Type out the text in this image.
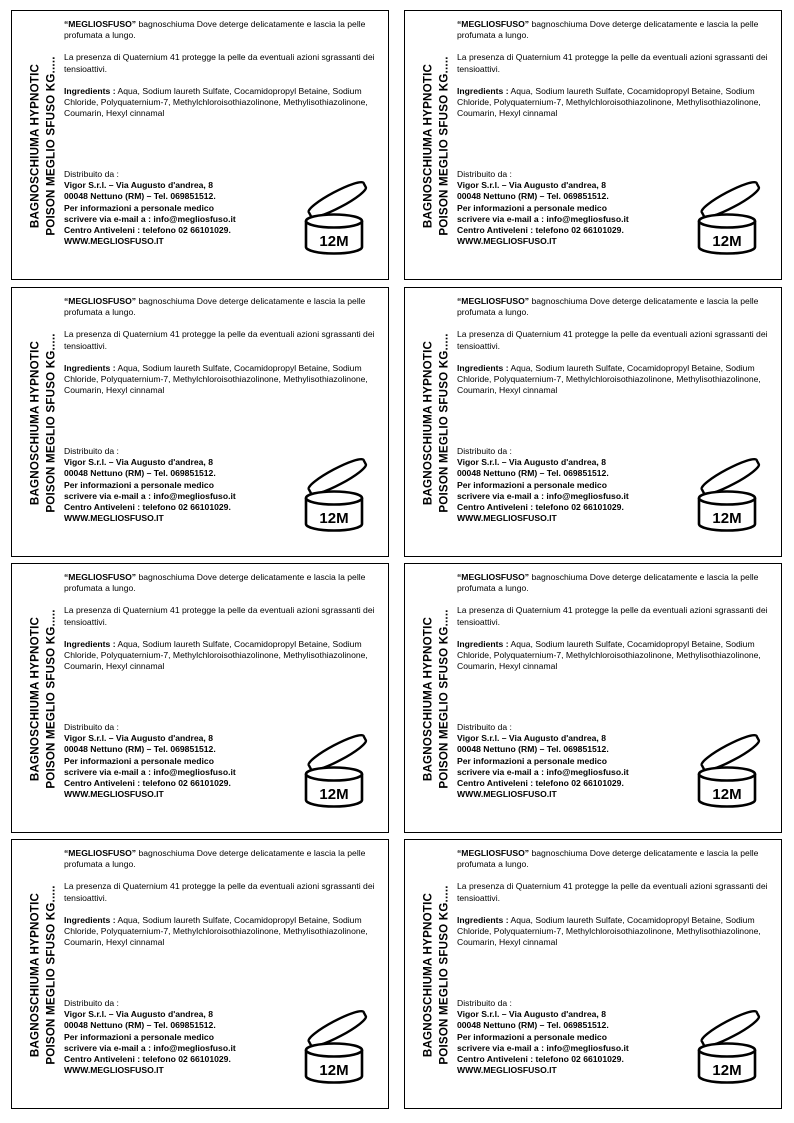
BAGNOSCHIUMA HYPNOTIC POISON MEGLIO SFUSO KG.....

“MEGLIOSFUSO” bagnoschiuma Dove deterge delicatamente e lascia la pelle profumata a lungo.

La presenza di Quaternium 41 protegge la pelle da eventuali azioni sgrassanti dei tensioattivi.

Ingredients : Aqua, Sodium laureth Sulfate, Cocamidopropyl Betaine, Sodium Chloride, Polyquaternium-7, Methylchloroisothiazolinone, Methylisothiazolinone, Coumarin, Hexyl cinnamal

Distribuito da :
Vigor S.r.l. – Via Augusto d'andrea, 8
00048 Nettuno (RM) – Tel. 069851512.
Per informazioni a personale medico
scrivere via e-mail a : info@megliosfuso.it
Centro Antiveleni : telefono 02 66101029.
WWW.MEGLIOSFUSO.IT	12M
BAGNOSCHIUMA HYPNOTIC POISON MEGLIO SFUSO KG.....

“MEGLIOSFUSO” bagnoschiuma Dove deterge delicatamente e lascia la pelle profumata a lungo.

La presenza di Quaternium 41 protegge la pelle da eventuali azioni sgrassanti dei tensioattivi.

Ingredients : Aqua, Sodium laureth Sulfate, Cocamidopropyl Betaine, Sodium Chloride, Polyquaternium-7, Methylchloroisothiazolinone, Methylisothiazolinone, Coumarin, Hexyl cinnamal

Distribuito da :
Vigor S.r.l. – Via Augusto d'andrea, 8
00048 Nettuno (RM) – Tel. 069851512.
Per informazioni a personale medico
scrivere via e-mail a : info@megliosfuso.it
Centro Antiveleni : telefono 02 66101029.
WWW.MEGLIOSFUSO.IT	12M
BAGNOSCHIUMA HYPNOTIC POISON MEGLIO SFUSO KG.....

“MEGLIOSFUSO” bagnoschiuma Dove deterge delicatamente e lascia la pelle profumata a lungo.

La presenza di Quaternium 41 protegge la pelle da eventuali azioni sgrassanti dei tensioattivi.

Ingredients : Aqua, Sodium laureth Sulfate, Cocamidopropyl Betaine, Sodium Chloride, Polyquaternium-7, Methylchloroisothiazolinone, Methylisothiazolinone, Coumarin, Hexyl cinnamal

Distribuito da :
Vigor S.r.l. – Via Augusto d'andrea, 8
00048 Nettuno (RM) – Tel. 069851512.
Per informazioni a personale medico
scrivere via e-mail a : info@megliosfuso.it
Centro Antiveleni : telefono 02 66101029.
WWW.MEGLIOSFUSO.IT	12M
BAGNOSCHIUMA HYPNOTIC POISON MEGLIO SFUSO KG.....

“MEGLIOSFUSO” bagnoschiuma Dove deterge delicatamente e lascia la pelle profumata a lungo.

La presenza di Quaternium 41 protegge la pelle da eventuali azioni sgrassanti dei tensioattivi.

Ingredients : Aqua, Sodium laureth Sulfate, Cocamidopropyl Betaine, Sodium Chloride, Polyquaternium-7, Methylchloroisothiazolinone, Methylisothiazolinone, Coumarin, Hexyl cinnamal

Distribuito da :
Vigor S.r.l. – Via Augusto d'andrea, 8
00048 Nettuno (RM) – Tel. 069851512.
Per informazioni a personale medico
scrivere via e-mail a : info@megliosfuso.it
Centro Antiveleni : telefono 02 66101029.
WWW.MEGLIOSFUSO.IT	12M
BAGNOSCHIUMA HYPNOTIC POISON MEGLIO SFUSO KG.....

“MEGLIOSFUSO” bagnoschiuma Dove deterge delicatamente e lascia la pelle profumata a lungo.

La presenza di Quaternium 41 protegge la pelle da eventuali azioni sgrassanti dei tensioattivi.

Ingredients : Aqua, Sodium laureth Sulfate, Cocamidopropyl Betaine, Sodium Chloride, Polyquaternium-7, Methylchloroisothiazolinone, Methylisothiazolinone, Coumarin, Hexyl cinnamal

Distribuito da :
Vigor S.r.l. – Via Augusto d'andrea, 8
00048 Nettuno (RM) – Tel. 069851512.
Per informazioni a personale medico
scrivere via e-mail a : info@megliosfuso.it
Centro Antiveleni : telefono 02 66101029.
WWW.MEGLIOSFUSO.IT	12M
BAGNOSCHIUMA HYPNOTIC POISON MEGLIO SFUSO KG.....

“MEGLIOSFUSO” bagnoschiuma Dove deterge delicatamente e lascia la pelle profumata a lungo.

La presenza di Quaternium 41 protegge la pelle da eventuali azioni sgrassanti dei tensioattivi.

Ingredients : Aqua, Sodium laureth Sulfate, Cocamidopropyl Betaine, Sodium Chloride, Polyquaternium-7, Methylchloroisothiazolinone, Methylisothiazolinone, Coumarin, Hexyl cinnamal

Distribuito da :
Vigor S.r.l. – Via Augusto d'andrea, 8
00048 Nettuno (RM) – Tel. 069851512.
Per informazioni a personale medico
scrivere via e-mail a : info@megliosfuso.it
Centro Antiveleni : telefono 02 66101029.
WWW.MEGLIOSFUSO.IT	12M
BAGNOSCHIUMA HYPNOTIC POISON MEGLIO SFUSO KG.....

“MEGLIOSFUSO” bagnoschiuma Dove deterge delicatamente e lascia la pelle profumata a lungo.

La presenza di Quaternium 41 protegge la pelle da eventuali azioni sgrassanti dei tensioattivi.

Ingredients : Aqua, Sodium laureth Sulfate, Cocamidopropyl Betaine, Sodium Chloride, Polyquaternium-7, Methylchloroisothiazolinone, Methylisothiazolinone, Coumarin, Hexyl cinnamal

Distribuito da :
Vigor S.r.l. – Via Augusto d'andrea, 8
00048 Nettuno (RM) – Tel. 069851512.
Per informazioni a personale medico
scrivere via e-mail a : info@megliosfuso.it
Centro Antiveleni : telefono 02 66101029.
WWW.MEGLIOSFUSO.IT	12M
BAGNOSCHIUMA HYPNOTIC POISON MEGLIO SFUSO KG.....

“MEGLIOSFUSO” bagnoschiuma Dove deterge delicatamente e lascia la pelle profumata a lungo.

La presenza di Quaternium 41 protegge la pelle da eventuali azioni sgrassanti dei tensioattivi.

Ingredients : Aqua, Sodium laureth Sulfate, Cocamidopropyl Betaine, Sodium Chloride, Polyquaternium-7, Methylchloroisothiazolinone, Methylisothiazolinone, Coumarin, Hexyl cinnamal

Distribuito da :
Vigor S.r.l. – Via Augusto d'andrea, 8
00048 Nettuno (RM) – Tel. 069851512.
Per informazioni a personale medico
scrivere via e-mail a : info@megliosfuso.it
Centro Antiveleni : telefono 02 66101029.
WWW.MEGLIOSFUSO.IT	12M
